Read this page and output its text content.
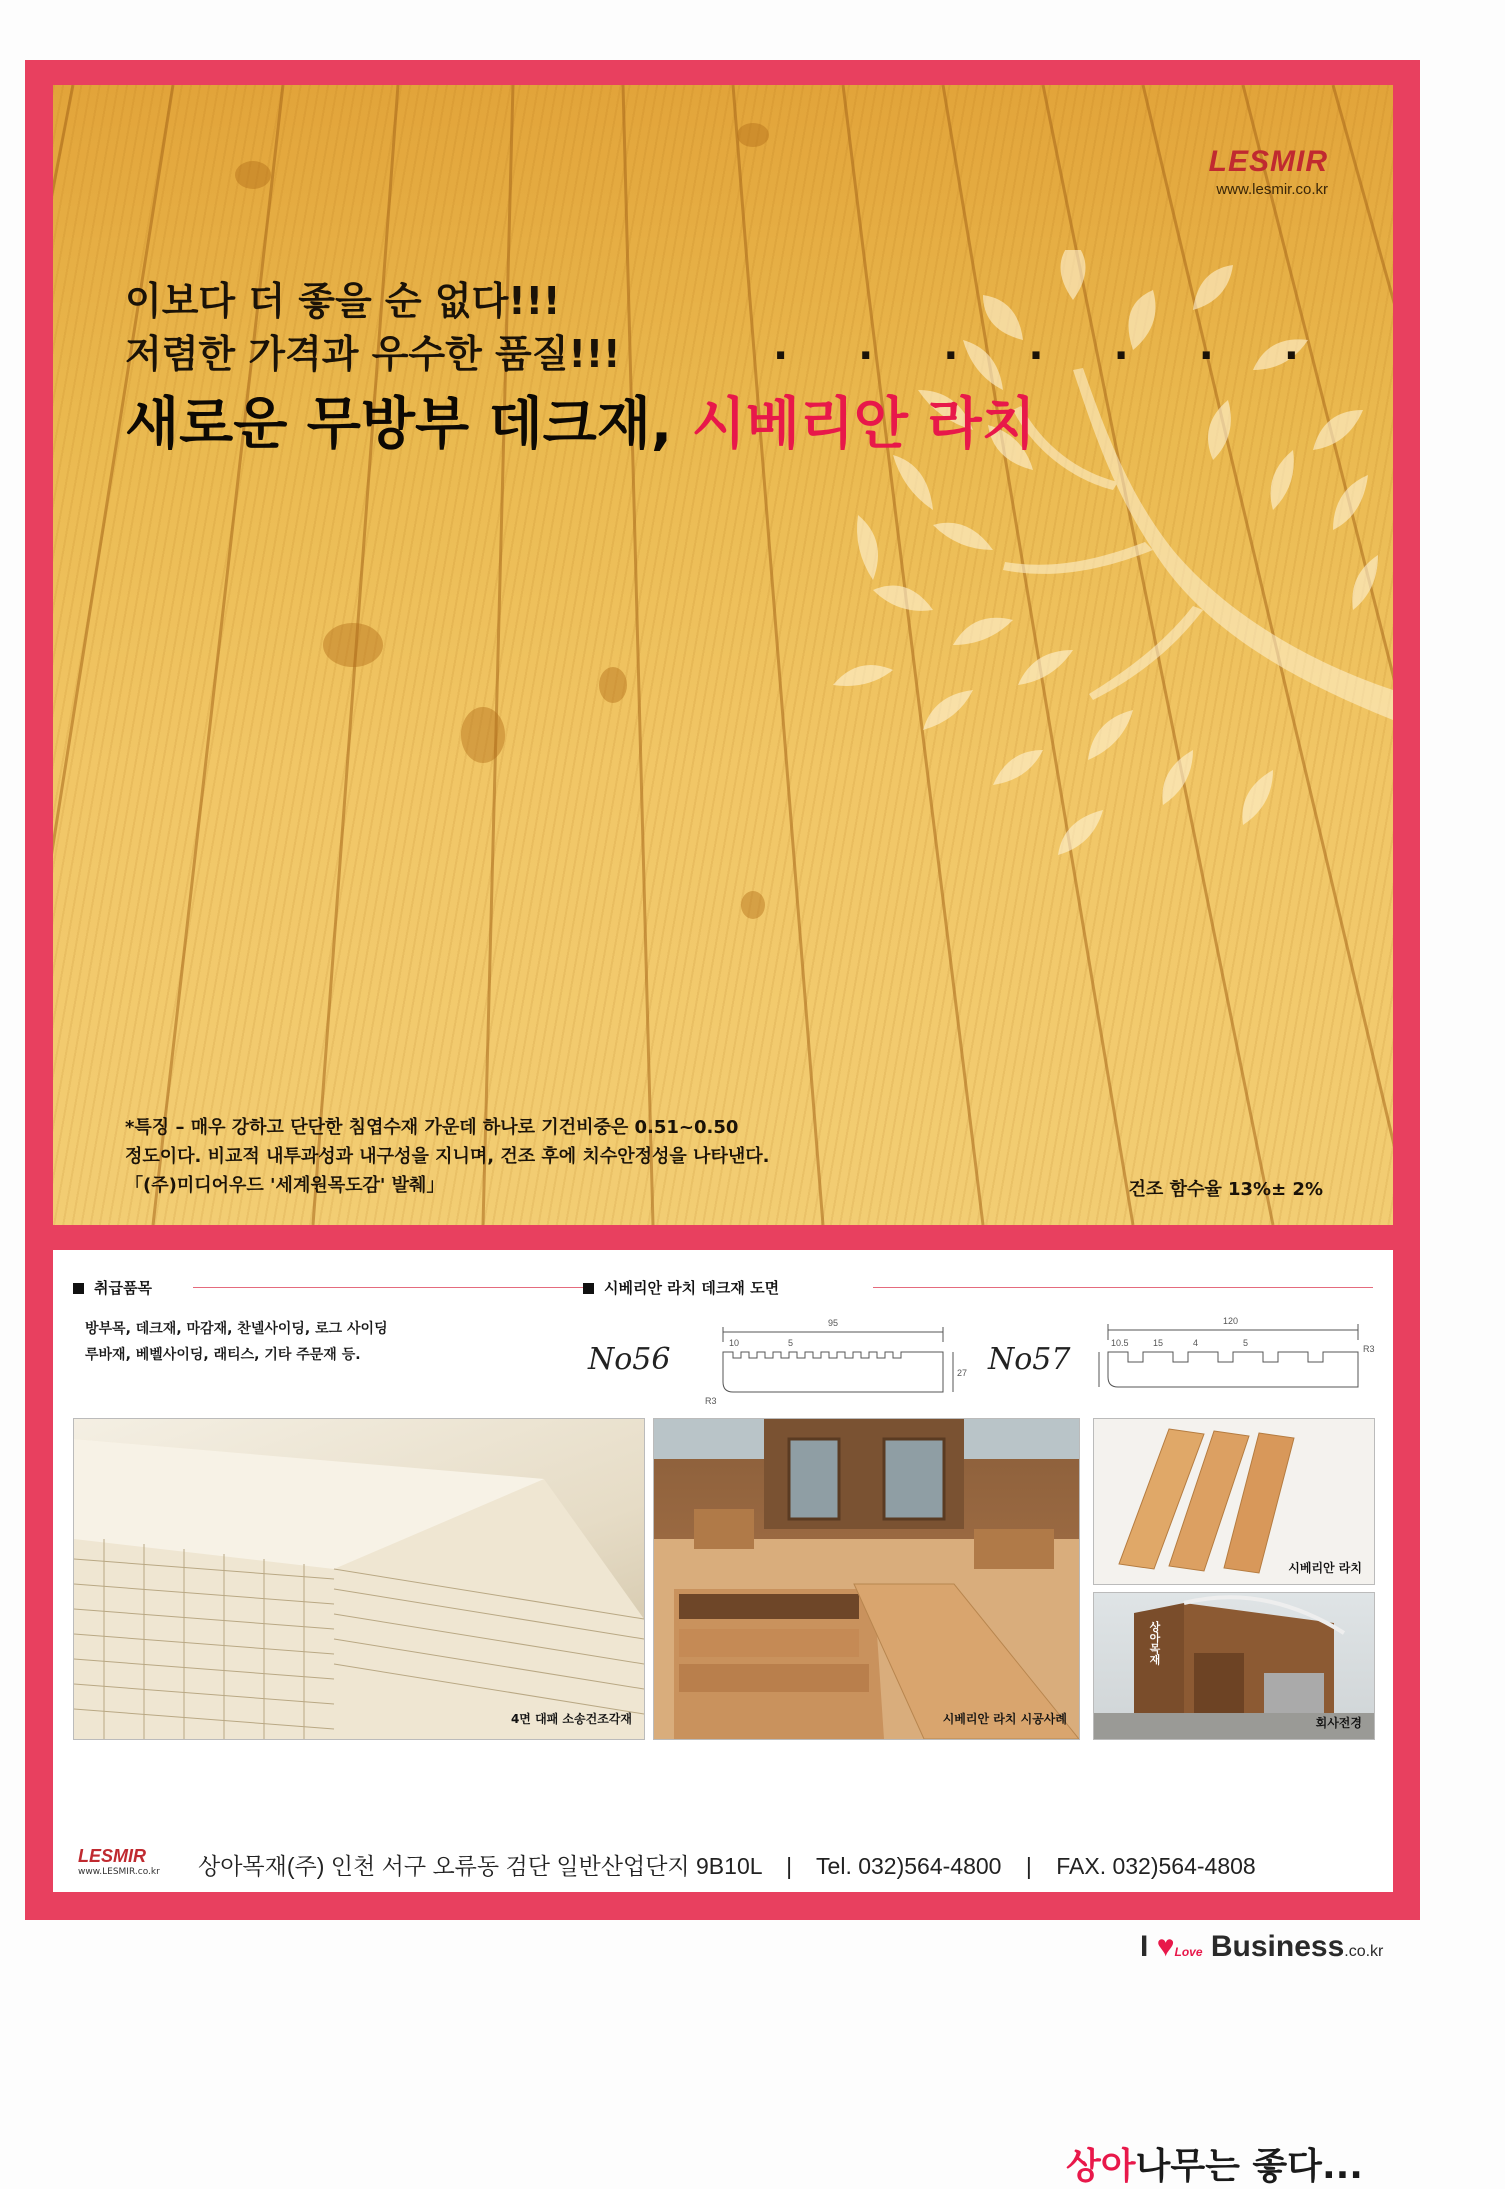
LESMIR
www.lesmir.co.kr
이보다 더 좋을 순 없다!!!
저렴한 가격과 우수한 품질!!!	. . . . . . .
새로운 무방부 데크재, 시베리안 라치
*특징 – 매우 강하고 단단한 침엽수재 가운데 하나로 기건비중은 0.51~0.50
정도이다. 비교적 내투과성과 내구성을 지니며, 건조 후에 치수안정성을 나타낸다.
「(주)미디어우드 '세계원목도감' 발췌」	건조 함수율 13%± 2%
취급품목
방부목, 데크재, 마감재, 찬넬사이딩, 로그 사이딩
루바재, 베벨사이딩, 래티스, 기타 주문재 등.
시베리안 라치 데크재 도면
No56
95
10	5
27
R3
No57
120
10.5	15	4	5
R3
4면 대패 소송건조각재	시베리안 라치 시공사례
시베리안 라치
상아목재
회사전경
상아나무는 좋다...
LESMIR
www.LESMIR.co.kr 상아목재(주) 인천 서구 오류동 검단 일반산업단지 9B10L | Tel. 032)564-4800 | FAX. 032)564-4808
I ♥Love Business.co.kr
